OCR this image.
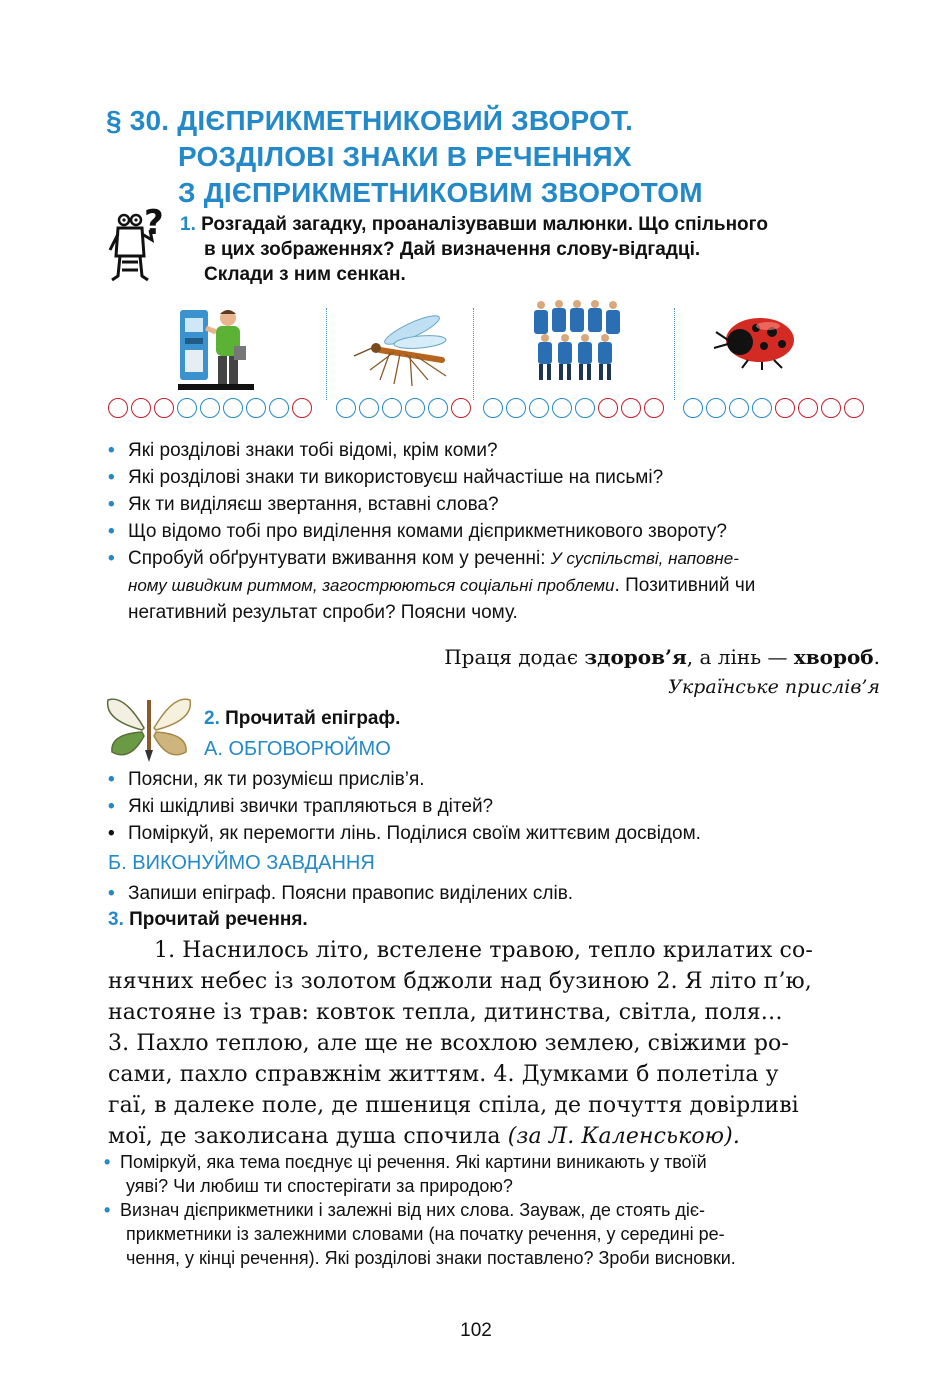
§ 30. ДІЄПРИКМЕТНИКОВИЙ ЗВОРОТ.
РОЗДІЛОВІ ЗНАКИ В РЕЧЕННЯХ
З ДІЄПРИКМЕТНИКОВИМ ЗВОРОТОМ
? 1. Розгадай загадку, проаналізувавши малюнки. Що спільного
в цих зображеннях? Дай визначення слову-відгадці.
Склади з ним сенкан.
• Які розділові знаки тобі відомі, крім коми?
• Які розділові знаки ти використовуєш найчастіше на письмі?
• Як ти виділяєш звертання, вставні слова?
• Що відомо тобі про виділення комами дієприкметникового звороту?
• Спробуй обґрунтувати вживання ком у реченні: У суспільстві, наповне-
ному швидким ритмом, загострюються соціальні проблеми. Позитивний чи
негативний результат спроби? Поясни чому.
Праця додає здоров’я, а лінь — хвороб.
Українське прислів’я
2. Прочитай епіграф.
А. ОБГОВОРЮЙМО
• Поясни, як ти розумієш прислів’я.
• Які шкідливі звички трапляються в дітей?
• Поміркуй, як перемогти лінь. Поділися своїм життєвим досвідом.
Б. ВИКОНУЙМО ЗАВДАННЯ
• Запиши епіграф. Поясни правопис виділених слів.
3. Прочитай речення.
1. Наснилось літо, встелене травою, тепло крилатих со-
нячних небес із золотом бджоли над бузиною 2. Я літо п’ю,
настояне із трав: ковток тепла, дитинства, світла, поля…
3. Пахло теплою, але ще не всохлою землею, свіжими ро-
сами, пахло справжнім життям. 4. Думками б полетіла у
гаї, в далеке поле, де пшениця спіла, де почуття довірливі
мої, де заколисана душа спочила (за Л. Каленською).
• Поміркуй, яка тема поєднує ці речення. Які картини виникають у твоїй
уяві? Чи любиш ти спостерігати за природою?
• Визнач дієприкметники і залежні від них слова. Зауваж, де стоять діє-
прикметники із залежними словами (на початку речення, у середині ре-
чення, у кінці речення). Які розділові знаки поставлено? Зроби висновки.
102
